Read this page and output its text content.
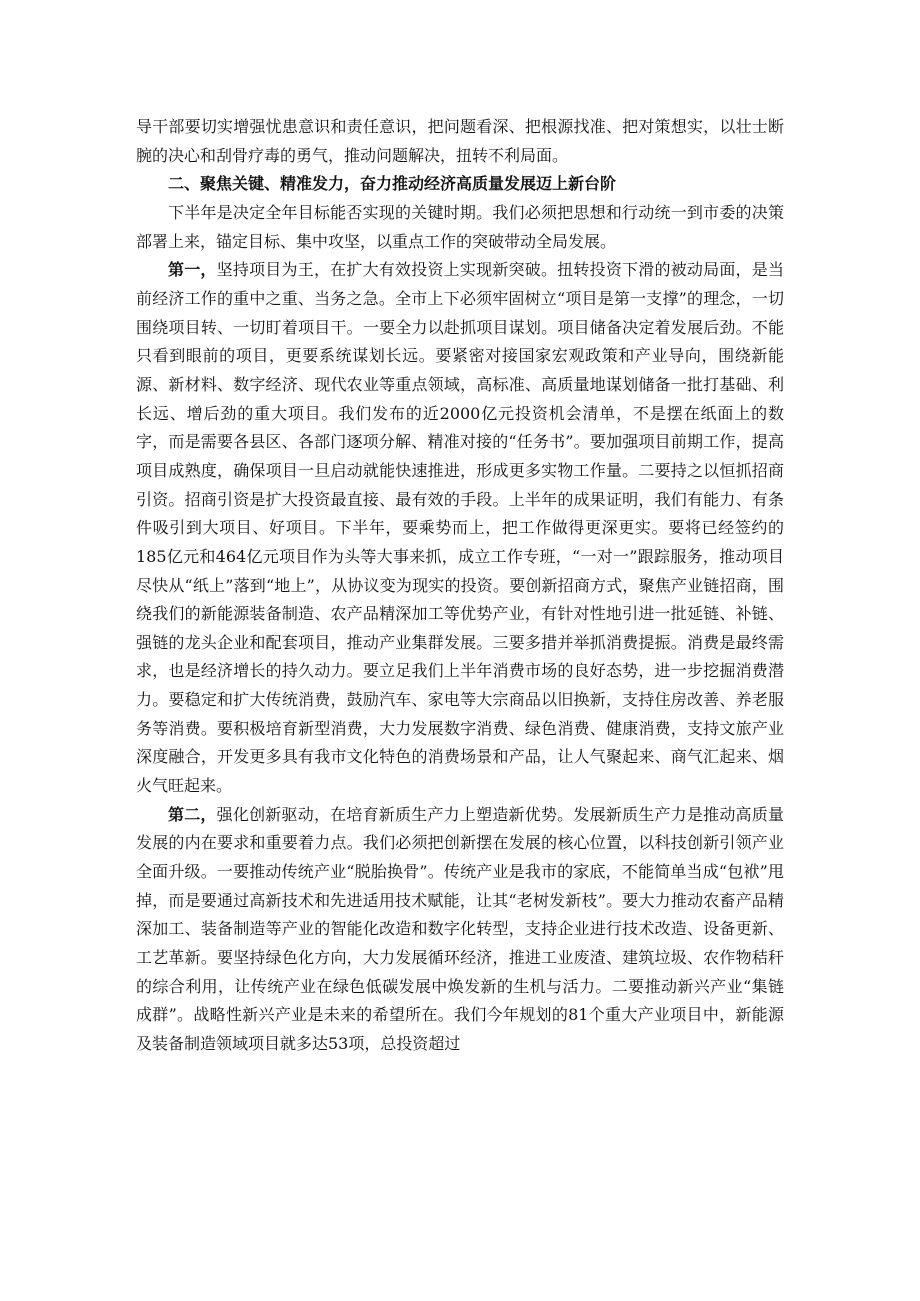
导干部要切实增强忧患意识和责任意识，把问题看深、把根源找准、把对策想实，以壮士断腕的决心和刮骨疗毒的勇气，推动问题解决，扭转不利局面。

二、聚焦关键、精准发力，奋力推动经济高质量发展迈上新台阶

下半年是决定全年目标能否实现的关键时期。我们必须把思想和行动统一到市委的决策部署上来，锚定目标、集中攻坚，以重点工作的突破带动全局发展。

第一，坚持项目为王，在扩大有效投资上实现新突破。扭转投资下滑的被动局面，是当前经济工作的重中之重、当务之急。全市上下必须牢固树立“项目是第一支撑”的理念，一切围绕项目转、一切盯着项目干。一要全力以赴抓项目谋划。项目储备决定着发展后劲。不能只看到眼前的项目，更要系统谋划长远。要紧密对接国家宏观政策和产业导向，围绕新能源、新材料、数字经济、现代农业等重点领域，高标准、高质量地谋划储备一批打基础、利长远、增后劲的重大项目。我们发布的近2000亿元投资机会清单，不是摆在纸面上的数字，而是需要各县区、各部门逐项分解、精准对接的“任务书”。要加强项目前期工作，提高项目成熟度，确保项目一旦启动就能快速推进，形成更多实物工作量。二要持之以恒抓招商引资。招商引资是扩大投资最直接、最有效的手段。上半年的成果证明，我们有能力、有条件吸引到大项目、好项目。下半年，要乘势而上，把工作做得更深更实。要将已经签约的185亿元和464亿元项目作为头等大事来抓，成立工作专班，“一对一”跟踪服务，推动项目尽快从“纸上”落到“地上”，从协议变为现实的投资。要创新招商方式，聚焦产业链招商，围绕我们的新能源装备制造、农产品精深加工等优势产业，有针对性地引进一批延链、补链、强链的龙头企业和配套项目，推动产业集群发展。三要多措并举抓消费提振。消费是最终需求，也是经济增长的持久动力。要立足我们上半年消费市场的良好态势，进一步挖掘消费潜力。要稳定和扩大传统消费，鼓励汽车、家电等大宗商品以旧换新，支持住房改善、养老服务等消费。要积极培育新型消费，大力发展数字消费、绿色消费、健康消费，支持文旅产业深度融合，开发更多具有我市文化特色的消费场景和产品，让人气聚起来、商气汇起来、烟火气旺起来。

第二，强化创新驱动，在培育新质生产力上塑造新优势。发展新质生产力是推动高质量发展的内在要求和重要着力点。我们必须把创新摆在发展的核心位置，以科技创新引领产业全面升级。一要推动传统产业“脱胎换骨”。传统产业是我市的家底，不能简单当成“包袱”甩掉，而是要通过高新技术和先进适用技术赋能，让其“老树发新枝”。要大力推动农畜产品精深加工、装备制造等产业的智能化改造和数字化转型，支持企业进行技术改造、设备更新、工艺革新。要坚持绿色化方向，大力发展循环经济，推进工业废渣、建筑垃圾、农作物秸秆的综合利用，让传统产业在绿色低碳发展中焕发新的生机与活力。二要推动新兴产业“集链成群”。战略性新兴产业是未来的希望所在。我们今年规划的81个重大产业项目中，新能源及装备制造领域项目就多达53项，总投资超过
